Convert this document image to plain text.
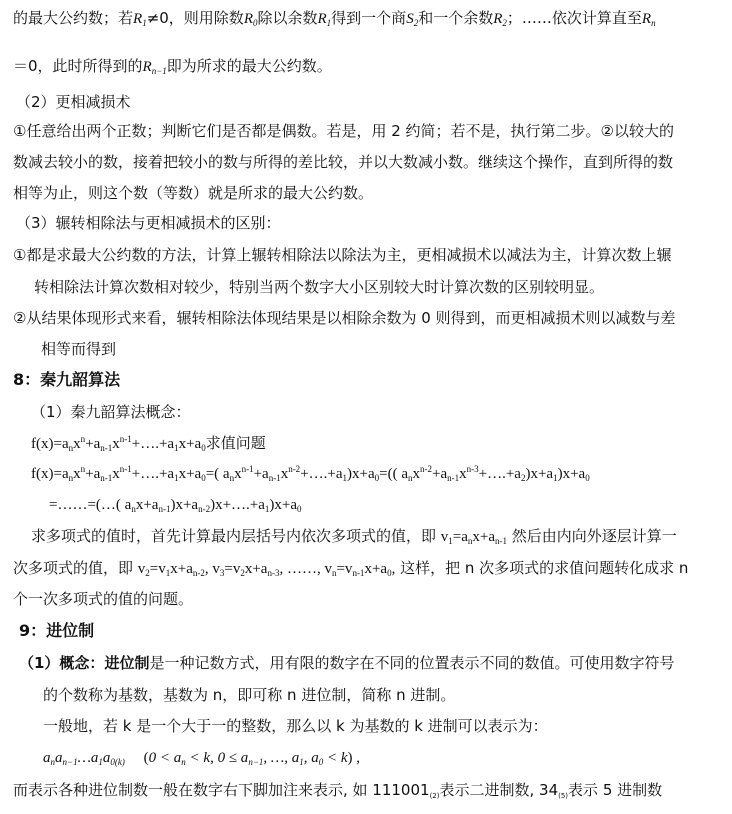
的最大公约数；若$R_1\ne 0$，则用除数$R_0$除以余数$R_1$得到一个商$S_2$和一个余数$R_2$；……依次计算直至$R_n$
＝0，此时所得到的$R_{n-1}$即为所求的最大公约数。
（2）更相减损术
①任意给出两个正数；判断它们是否都是偶数。若是，用 2 约简；若不是，执行第二步。②以较大的
数减去较小的数，接着把较小的数与所得的差比较，并以大数减小数。继续这个操作，直到所得的数
相等为止，则这个数（等数）就是所求的最大公约数。
（3）辗转相除法与更相减损术的区别：
①都是求最大公约数的方法，计算上辗转相除法以除法为主，更相减损术以减法为主，计算次数上辗
转相除法计算次数相对较少，特别当两个数字大小区别较大时计算次数的区别较明显。
②从结果体现形式来看，辗转相除法体现结果是以相除余数为 0 则得到，而更相减损术则以减数与差
相等而得到
8：秦九韶算法
（1）秦九韶算法概念：
$f(x)=a_nx^n+a_{n-1}x^{n-1}+\dots.+a_1x+a_0$求值问题
$f(x)=a_nx^n+a_{n-1}x^{n-1}+\dots.+a_1x+a_0=$( $a_nx^{n-1}+a_{n-1}x^{n-2}+\dots.+a_1)x+a_0=$(( $a_nx^{n-2}+a_{n-1}x^{n-3}+\dots.+a_2)x+a_1)x+a_0$
=……=(…( $a_nx+a_{n-1})x+a_{n-2})x+\dots.+a_1)x+a_0$
求多项式的值时，首先计算最内层括号内依次多项式的值，即 $v_1=a_nx+a_{n-1}$ 然后由内向外逐层计算一
次多项式的值，即 $v_2=v_1x+a_{n-2}$, $v_3=v_2x+a_{n-3}$, ……, $v_n=v_{n-1}x+a_0$, 这样，把 n 次多项式的求值问题转化成求 n
个一次多项式的值的问题。
9：进位制
（1）概念：进位制是一种记数方式，用有限的数字在不同的位置表示不同的数值。可使用数字符号
的个数称为基数，基数为 n，即可称 n 进位制，简称 n 进制。
一般地，若 k 是一个大于一的整数，那么以 k 为基数的 k 进制可以表示为：
$a_na_{n-1}\dots a_1a_{0(k)}$ ($0 < a_n < k$, $0 \le a_{n-1}$, …, $a_1$, $a_0 < k$) ,
而表示各种进位制数一般在数字右下脚加注来表示, 如 $111001_{(2)}$表示二进制数, $34_{(5)}$表示 5 进制数
